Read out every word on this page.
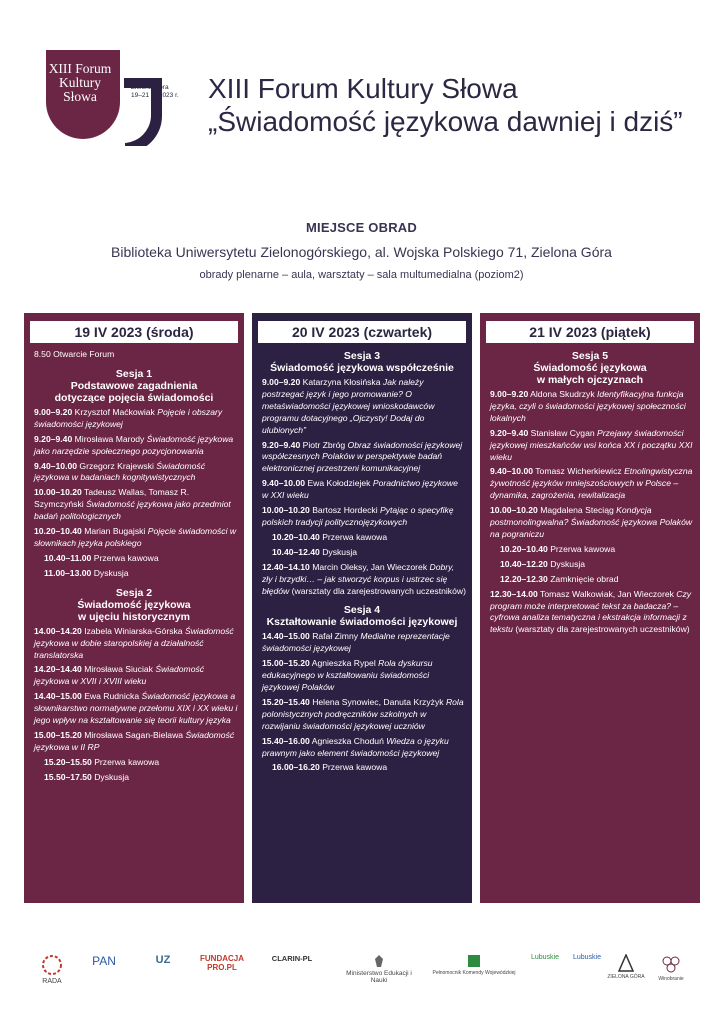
XIII Forum
Kultury
Słowa
Zielona Góra
19–21 IV 2023 r.	XIII Forum Kultury Słowa
„Świadomość językowa dawniej i dziś”
MIEJSCE OBRAD
Biblioteka Uniwersytetu Zielonogórskiego, al. Wojska Polskiego 71, Zielona Góra
obrady plenarne – aula, warsztaty – sala multumedialna (poziom2)
19 IV 2023 (środa)
8.50 Otwarcie Forum
Sesja 1
Podstawowe zagadnienia
dotyczące pojęcia świadomości
9.00–9.20 Krzysztof Maćkowiak Pojęcie i obszary świadomości językowej
9.20–9.40 Mirosława Marody Świadomość językowa jako narzędzie społecznego pozycjonowania
9.40–10.00 Grzegorz Krajewski Świadomość językowa w badaniach kognitywistycznych
10.00–10.20 Tadeusz Wallas, Tomasz R. Szymczyński Świadomość językowa jako przedmiot badań politologicznych
10.20–10.40 Marian Bugajski Pojęcie świadomości w słownikach języka polskiego
10.40–11.00 Przerwa kawowa
11.00–13.00 Dyskusja
Sesja 2
Świadomość językowa
w ujęciu historycznym
14.00–14.20 Izabela Winiarska-Górska Świadomość językowa w dobie staropolskiej a działalność translatorska
14.20–14.40 Mirosława Siuciak Świadomość językowa w XVII i XVIII wieku
14.40–15.00 Ewa Rudnicka Świadomość językowa a słownikarstwo normatywne przełomu XIX i XX wieku i jego wpływ na kształtowanie się teorii kultury języka
15.00–15.20 Mirosława Sagan-Bielawa Świadomość językowa w II RP
15.20–15.50 Przerwa kawowa
15.50–17.50 Dyskusja
20 IV 2023 (czwartek)
Sesja 3
Świadomość językowa współcześnie
9.00–9.20 Katarzyna Kłosińska Jak należy postrzegać język i jego promowanie? O metaświadomości językowej wnioskodawców programu dotacyjnego „Ojczysty! Dodaj do ulubionych”
9.20–9.40 Piotr Zbróg Obraz świadomości językowej współczesnych Polaków w perspektywie badań elektronicznej przestrzeni komunikacyjnej
9.40–10.00 Ewa Kołodziejek Poradnictwo językowe w XXI wieku
10.00–10.20 Bartosz Hordecki Pytając o specyfikę polskich tradycji politycznojęzykowych
10.20–10.40 Przerwa kawowa
10.40–12.40 Dyskusja
12.40–14.10 Marcin Oleksy, Jan Wieczorek Dobry, zły i brzydki… – jak stworzyć korpus i ustrzec się błędów (warsztaty dla zarejestrowanych uczestników)
Sesja 4
Kształtowanie świadomości językowej
14.40–15.00 Rafał Zimny Medialne reprezentacje świadomości językowej
15.00–15.20 Agnieszka Rypel Rola dyskursu edukacyjnego w kształtowaniu świadomości językowej Polaków
15.20–15.40 Helena Synowiec, Danuta Krzyżyk Rola polonistycznych podręczników szkolnych w rozwijaniu świadomości językowej uczniów
15.40–16.00 Agnieszka Choduń Wiedza o języku prawnym jako element świadomości językowej
16.00–16.20 Przerwa kawowa
21 IV 2023 (piątek)
Sesja 5
Świadomość językowa
w małych ojczyznach
9.00–9.20 Aldona Skudrzyk Identyfikacyjna funkcja języka, czyli o świadomości językowej społeczności lokalnych
9.20–9.40 Stanisław Cygan Przejawy świadomości językowej mieszkańców wsi końca XX i początku XXI wieku
9.40–10.00 Tomasz Wicherkiewicz Etnolingwistyczna żywotność języków mniejszościowych w Polsce – dynamika, zagrożenia, rewitalizacja
10.00–10.20 Magdalena Steciąg Kondycja postmonolingwalna? Świadomość językowa Polaków na pograniczu
10.20–10.40 Przerwa kawowa
10.40–12.20 Dyskusja
12.20–12.30 Zamknięcie obrad
12.30–14.00 Tomasz Walkowiak, Jan Wieczorek Czy program może interpretować tekst za badacza? – cyfrowa analiza tematyczna i ekstrakcja informacji z tekstu (warsztaty dla zarejestrowanych uczestników)
RADA
PAN	UZ	FUNDACJA PRO.PL
CLARIN-PL
Ministerstwo Edukacji i Nauki
Pełnomocnik Komendy Wojewódzkiej
Lubuskie	Lubuskie
ZIELONA GÓRA	Winobranie
